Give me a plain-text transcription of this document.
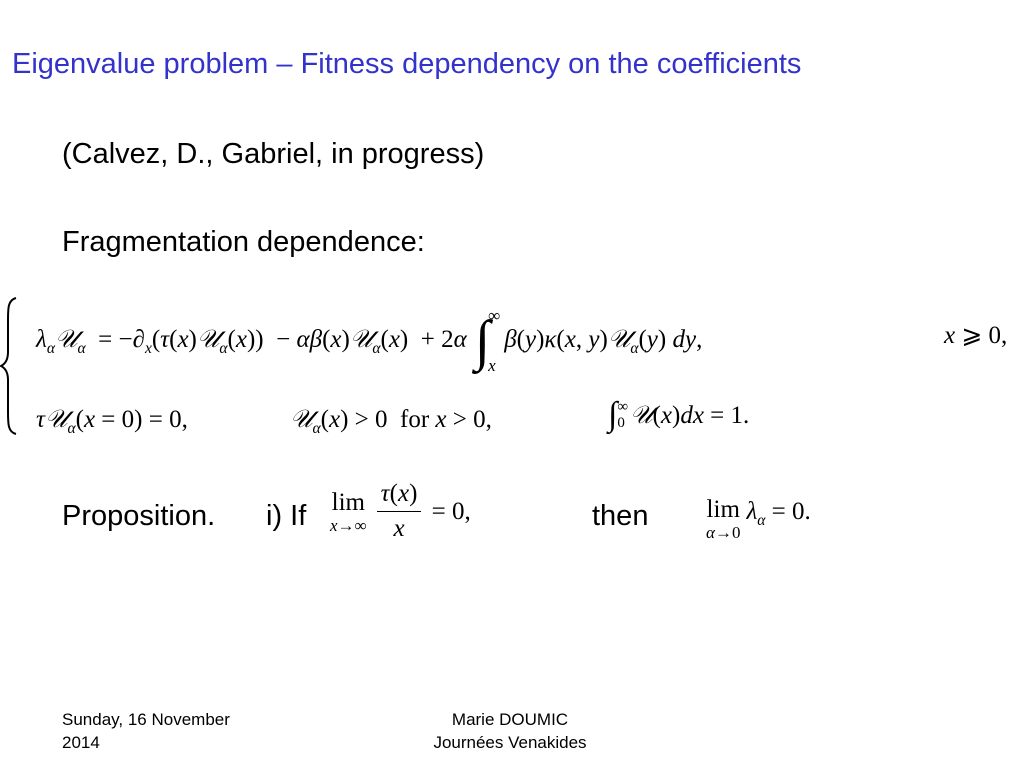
Eigenvalue problem – Fitness dependency on the coefficients
(Calvez, D., Gabriel, in progress)
Fragmentation dependence:
$\lambda_\alpha 𝒰_\alpha$  = $-\partial_x(\tau(x)𝒰_\alpha(x))$  − αβ(x)𝒰$_\alpha$(x)  + 2α ∫
∞
x
β(y)κ(x, y)𝒰$_\alpha$(y) dy,	x ⩾ 0,
τ𝒰$_\alpha$(x = 0) = 0,	𝒰$_\alpha$(x) > 0  for x > 0,	∫ ∞
0 𝒰(x)dx = 1.
Proposition. i) If lim
$x\to\infty \frac{\tau(x)}{x} = 0$,	then lim
α→0
$\lambda_\alpha = 0$.
Sunday, 16 November
2014
Marie DOUMIC
Journées Venakides
